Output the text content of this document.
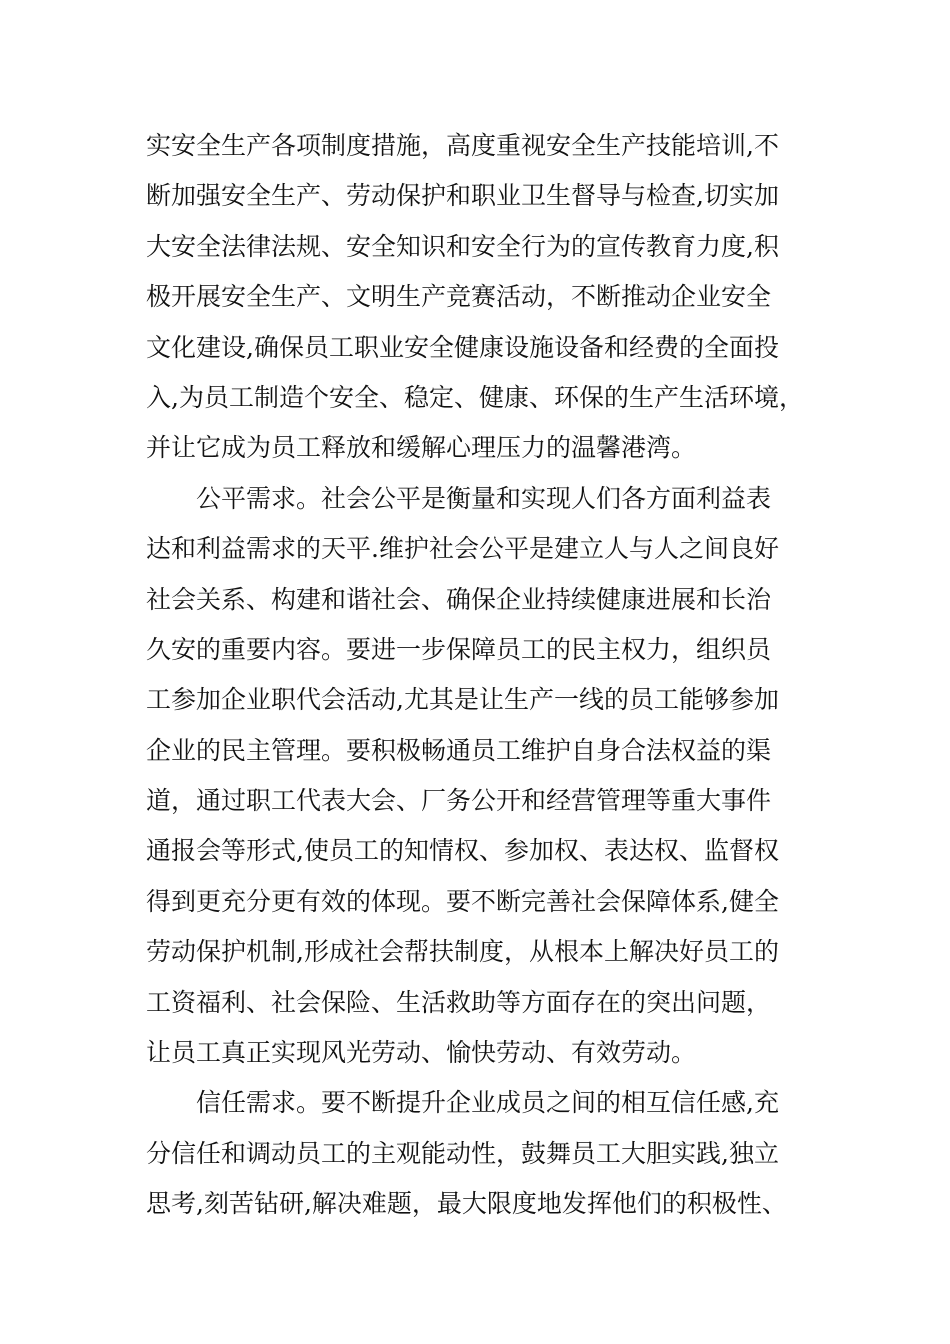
实安全生产各项制度措施，高度重视安全生产技能培训,不
断加强安全生产、劳动保护和职业卫生督导与检查,切实加
大安全法律法规、安全知识和安全行为的宣传教育力度,积
极开展安全生产、文明生产竞赛活动，不断推动企业安全
文化建设,确保员工职业安全健康设施设备和经费的全面投
入,为员工制造个安全、稳定、健康、环保的生产生活环境，
并让它成为员工释放和缓解心理压力的温馨港湾。
公平需求。社会公平是衡量和实现人们各方面利益表
达和利益需求的天平.维护社会公平是建立人与人之间良好
社会关系、构建和谐社会、确保企业持续健康进展和长治
久安的重要内容。要进一步保障员工的民主权力，组织员
工参加企业职代会活动,尤其是让生产一线的员工能够参加
企业的民主管理。要积极畅通员工维护自身合法权益的渠
道，通过职工代表大会、厂务公开和经营管理等重大事件
通报会等形式,使员工的知情权、参加权、表达权、监督权
得到更充分更有效的体现。要不断完善社会保障体系,健全
劳动保护机制,形成社会帮扶制度，从根本上解决好员工的
工资福利、社会保险、生活救助等方面存在的突出问题，
让员工真正实现风光劳动、愉快劳动、有效劳动。
信任需求。要不断提升企业成员之间的相互信任感,充
分信任和调动员工的主观能动性，鼓舞员工大胆实践,独立
思考,刻苦钻研,解决难题，最大限度地发挥他们的积极性、
